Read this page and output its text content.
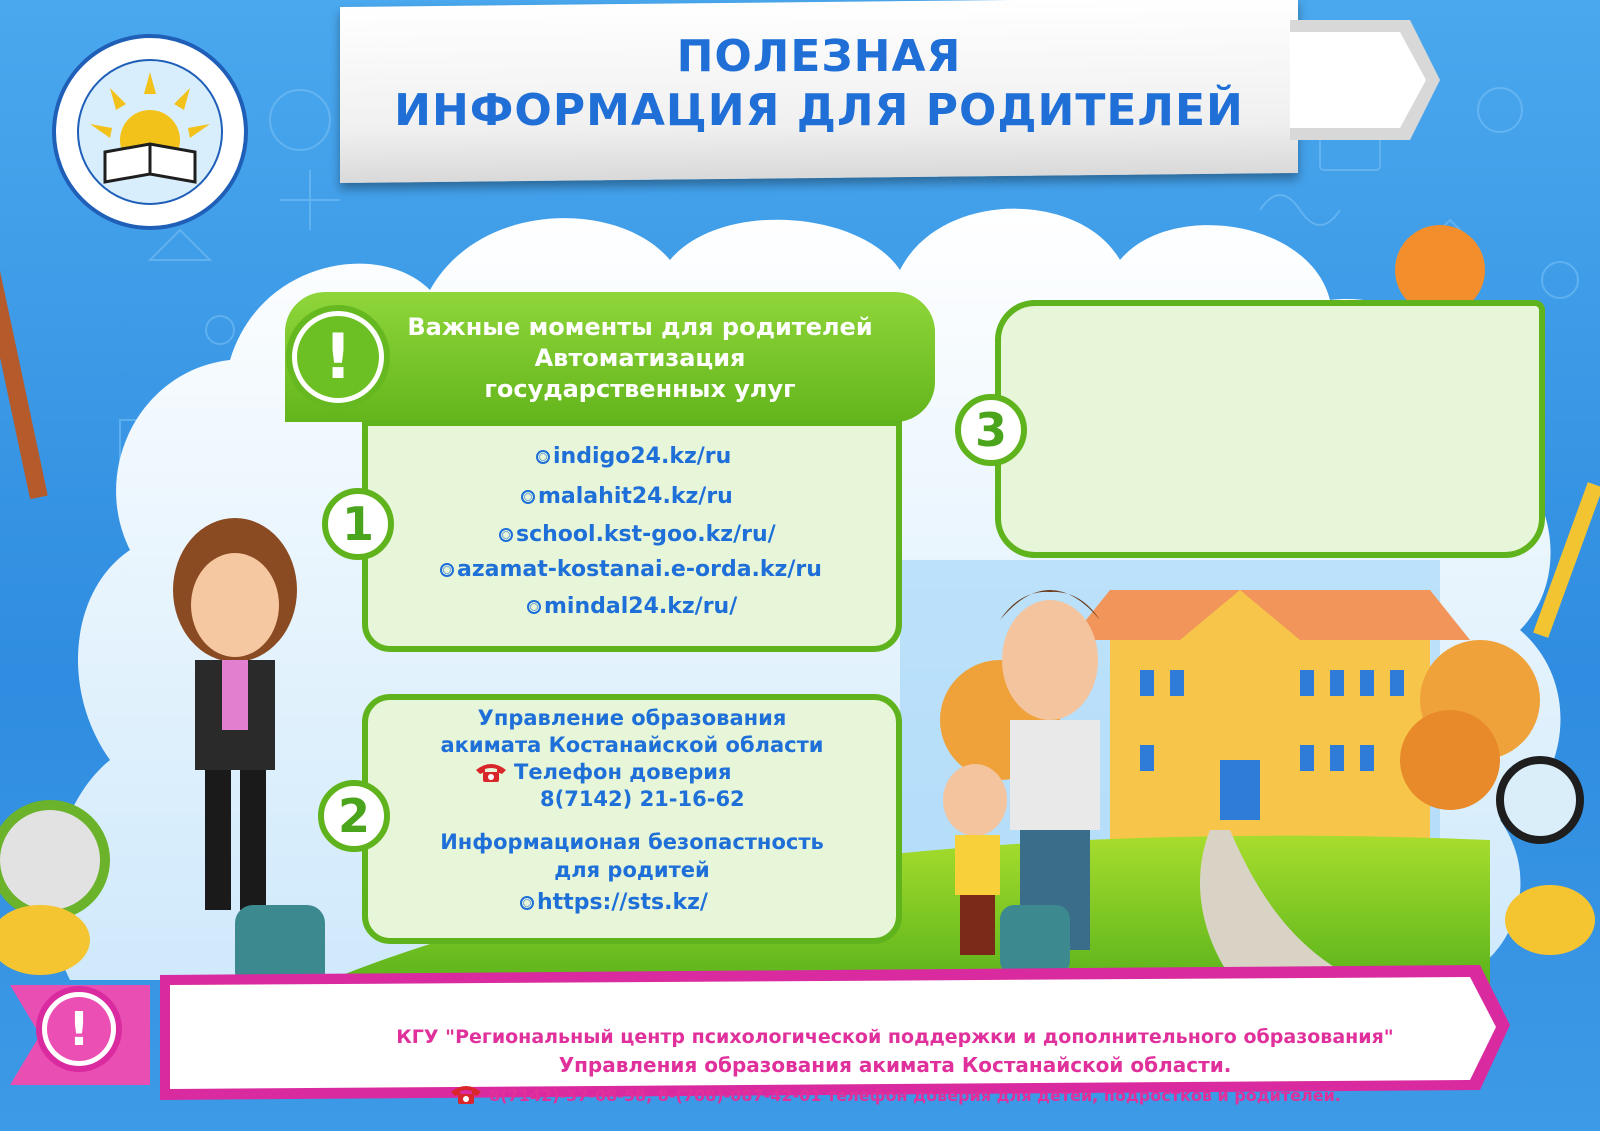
ПОЛЕЗНАЯ
ИНФОРМАЦИЯ ДЛЯ РОДИТЕЛЕЙ
Важные моменты для родителей
Автоматизация
государственных улуг
!
1
indigo24.kz/ru
malahit24.kz/ru
school.kst-goo.kz/ru/
azamat-kostanai.e-orda.kz/ru
mindal24.kz/ru/
2
Управление образования
акимата Костанайской области
Телефон доверия
8(7142) 21-16-62
Информационая безопастность
для родитей
https://sts.kz/
3
!	КГУ "Региональный центр психологической поддержки и дополнительного образования"
Управления образования акимата Костанайской области.
8(7142)-37-08-58, 8-(708)-087-42-01 телефон доверия для детей, подростков и родителей.
